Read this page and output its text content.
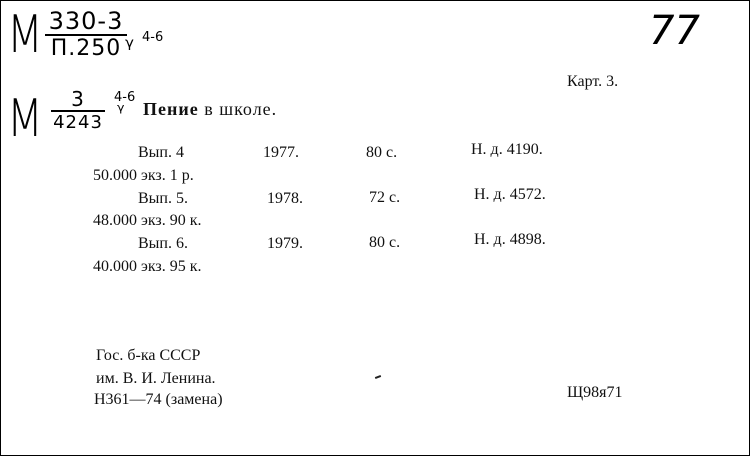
М 330-3
П.250	4-6
ᵞ	77
Карт. 3.
М	3
4243
4-6
ᵞ Пение в школе.
Вып. 4	1977.	80 с.	Н. д. 4190.
50.000 экз. 1 р.
Вып. 5.	1978.	72 с.	Н. д. 4572.
48.000 экз. 90 к.
Вып. 6.	1979.	80 с.	Н. д. 4898.
40.000 экз. 95 к.
Гос. б-ка СССР
им. В. И. Ленина.
Н361—74 (замена)	Щ98я71
